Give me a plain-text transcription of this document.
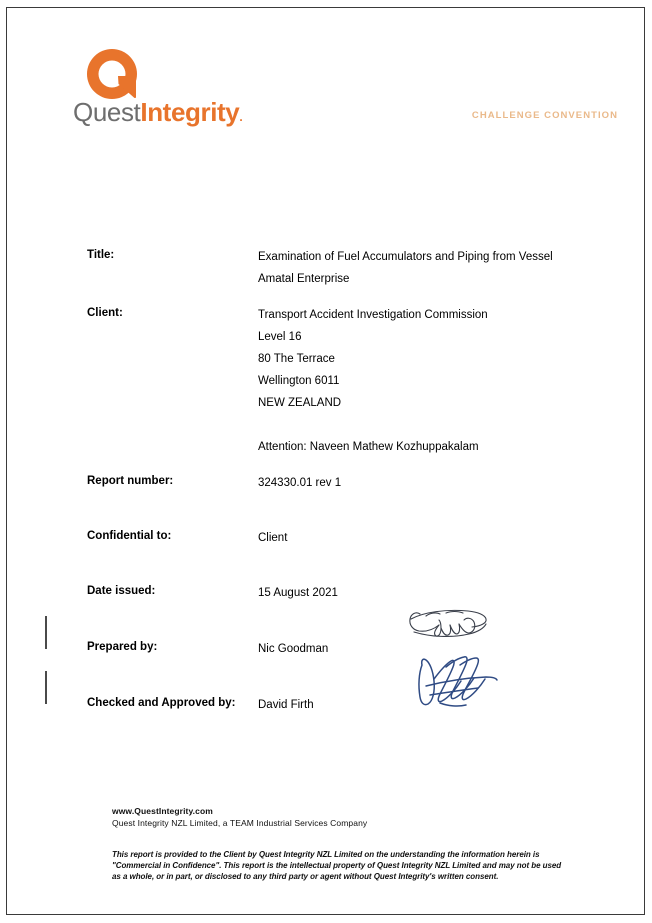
QuestIntegrity.	CHALLENGE CONVENTION
Title:	Examination of Fuel Accumulators and Piping from Vessel
Amatal Enterprise
Client:	Transport Accident Investigation Commission
Level 16
80 The Terrace
Wellington 6011
NEW ZEALAND
Attention: Naveen Mathew Kozhuppakalam
Report number:	324330.01 rev 1
Confidential to:	Client
Date issued:	15 August 2021
Prepared by:	Nic Goodman
Checked and Approved by:	David Firth
www.QuestIntegrity.com
Quest Integrity NZL Limited, a TEAM Industrial Services Company
This report is provided to the Client by Quest Integrity NZL Limited on the understanding the information herein is "Commercial in Confidence". This report is the intellectual property of Quest Integrity NZL Limited and may not be used as a whole, or in part, or disclosed to any third party or agent without Quest Integrity's written consent.
